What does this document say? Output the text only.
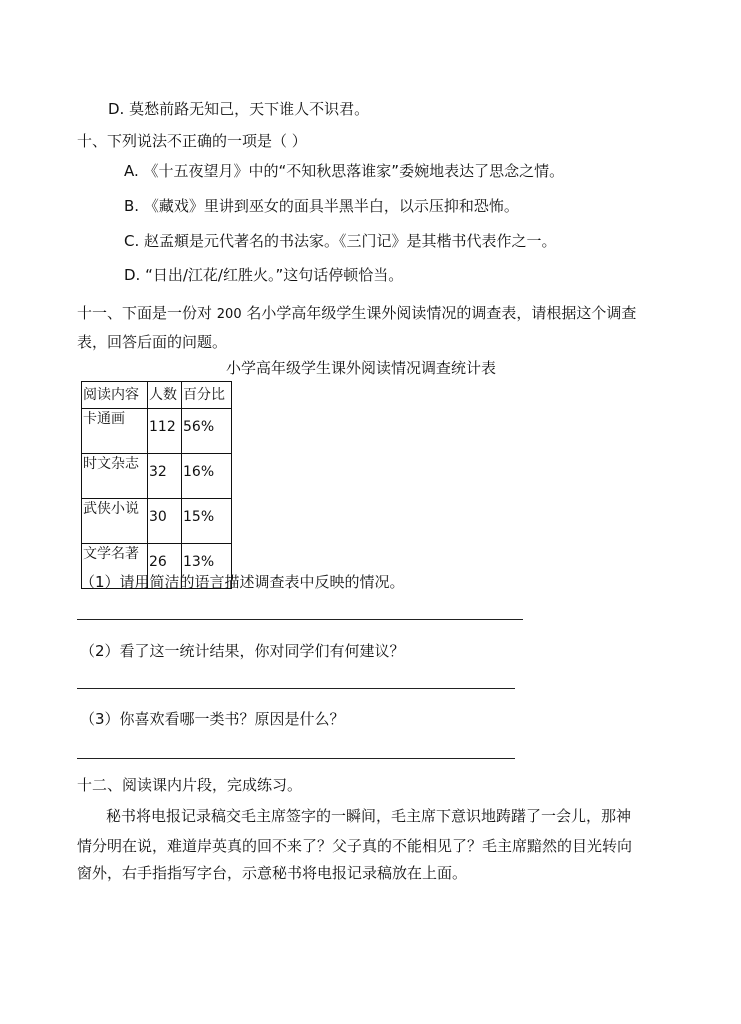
D. 莫愁前路无知己，天下谁人不识君。
十、下列说法不正确的一项是（ ）
A. 《十五夜望月》中的“不知秋思落谁家”委婉地表达了思念之情。
B. 《藏戏》里讲到巫女的面具半黑半白，以示压抑和恐怖。
C. 赵孟頫是元代著名的书法家。《三门记》是其楷书代表作之一。
D. “日出/江花/红胜火。”这句话停顿恰当。
十一、下面是一份对 200 名小学高年级学生课外阅读情况的调查表，请根据这个调查
表，回答后面的问题。
小学高年级学生课外阅读情况调查统计表
阅读内容	人数	百分比
卡通画	112	56%
时文杂志	32	16%
武侠小说	30	15%
文学名著	26	13%
（1）请用简洁的语言描述调查表中反映的情况。
（2）看了这一统计结果，你对同学们有何建议？
（3）你喜欢看哪一类书？原因是什么？
十二、阅读课内片段，完成练习。
秘书将电报记录稿交毛主席签字的一瞬间，毛主席下意识地踌躇了一会儿，那神
情分明在说，难道岸英真的回不来了？父子真的不能相见了？毛主席黯然的目光转向
窗外，右手指指写字台，示意秘书将电报记录稿放在上面。
